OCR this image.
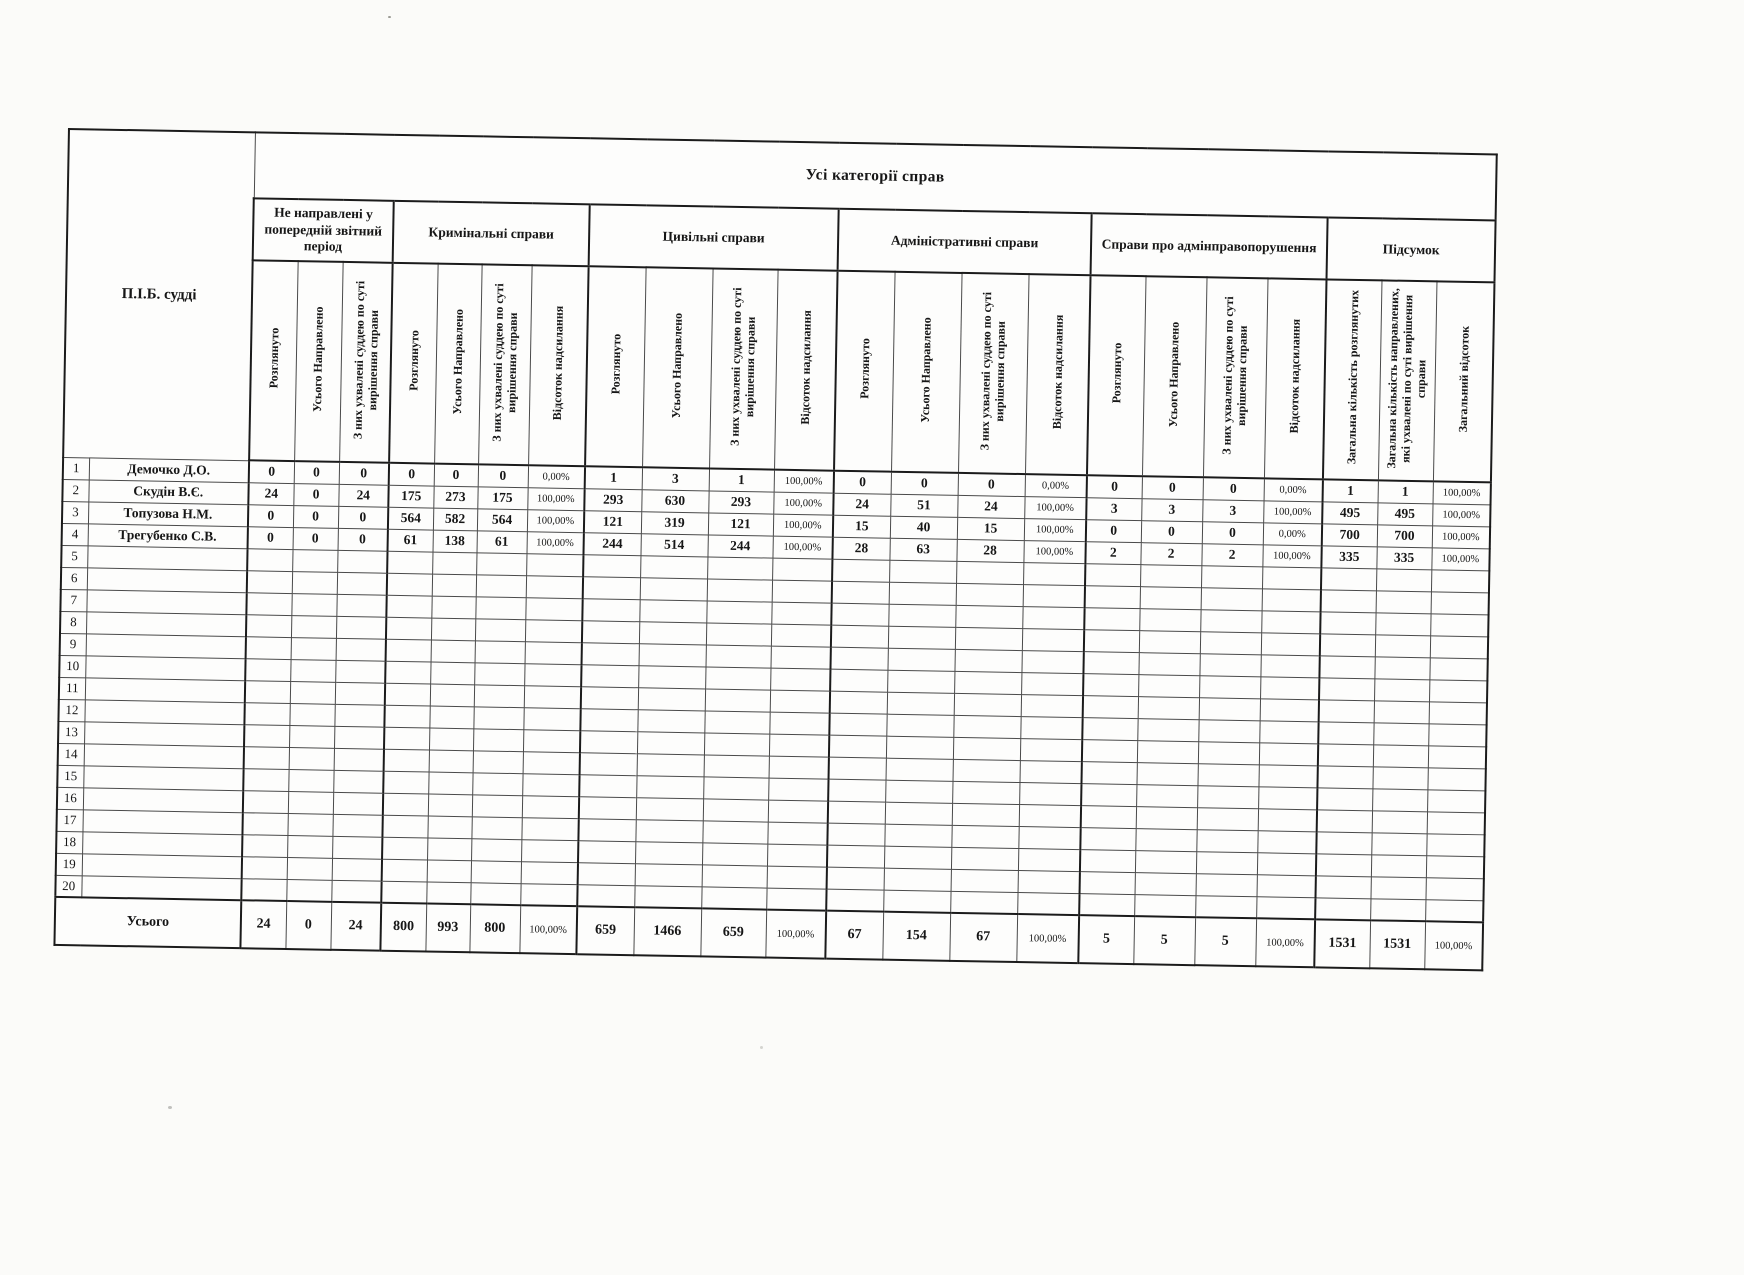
П.І.Б. судді		Усі категорії справ																					
		Не направлені у попередній звітний період			Кримінальні справи				Цивільні справи				Адміністративні справи				Справи про адмінправопорушення				Підсумок		
		Розглянуто	Усього Направлено	З них ухвалені суддею по суті вирішення справи	Розглянуто	Усього Направлено	З них ухвалені суддею по суті вирішення справи	Відсоток надсилання	Розглянуто	Усього Направлено	З них ухвалені суддею по суті вирішення справи	Відсоток надсилання	Розглянуто	Усього Направлено	З них ухвалені суддею по суті вирішення справи	Відсоток надсилання	Розглянуто	Усього Направлено	З них ухвалені суддею по суті вирішення справи	Відсоток надсилання	Загальна кількість розглянутих	Загальна кількість направлених, які ухвалені по суті вирішення справи	Загальний відсоток
1	Демочко Д.О.	0	0	0	0	0	0	0,00%	1	3	1	100,00%	0	0	0	0,00%	0	0	0	0,00%	1	1	100,00%
2	Скудін В.Є.	24	0	24	175	273	175	100,00%	293	630	293	100,00%	24	51	24	100,00%	3	3	3	100,00%	495	495	100,00%
3	Топузова Н.М.	0	0	0	564	582	564	100,00%	121	319	121	100,00%	15	40	15	100,00%	0	0	0	0,00%	700	700	100,00%
4	Трегубенко С.В.	0	0	0	61	138	61	100,00%	244	514	244	100,00%	28	63	28	100,00%	2	2	2	100,00%	335	335	100,00%
5																							
6																							
7																							
8																							
9																							
10																							
11																							
12																							
13																							
14																							
15																							
16																							
17																							
18																							
19																							
20																							
Усього		24	0	24	800	993	800	100,00%	659	1466	659	100,00%	67	154	67	100,00%	5	5	5	100,00%	1531	1531	100,00%
